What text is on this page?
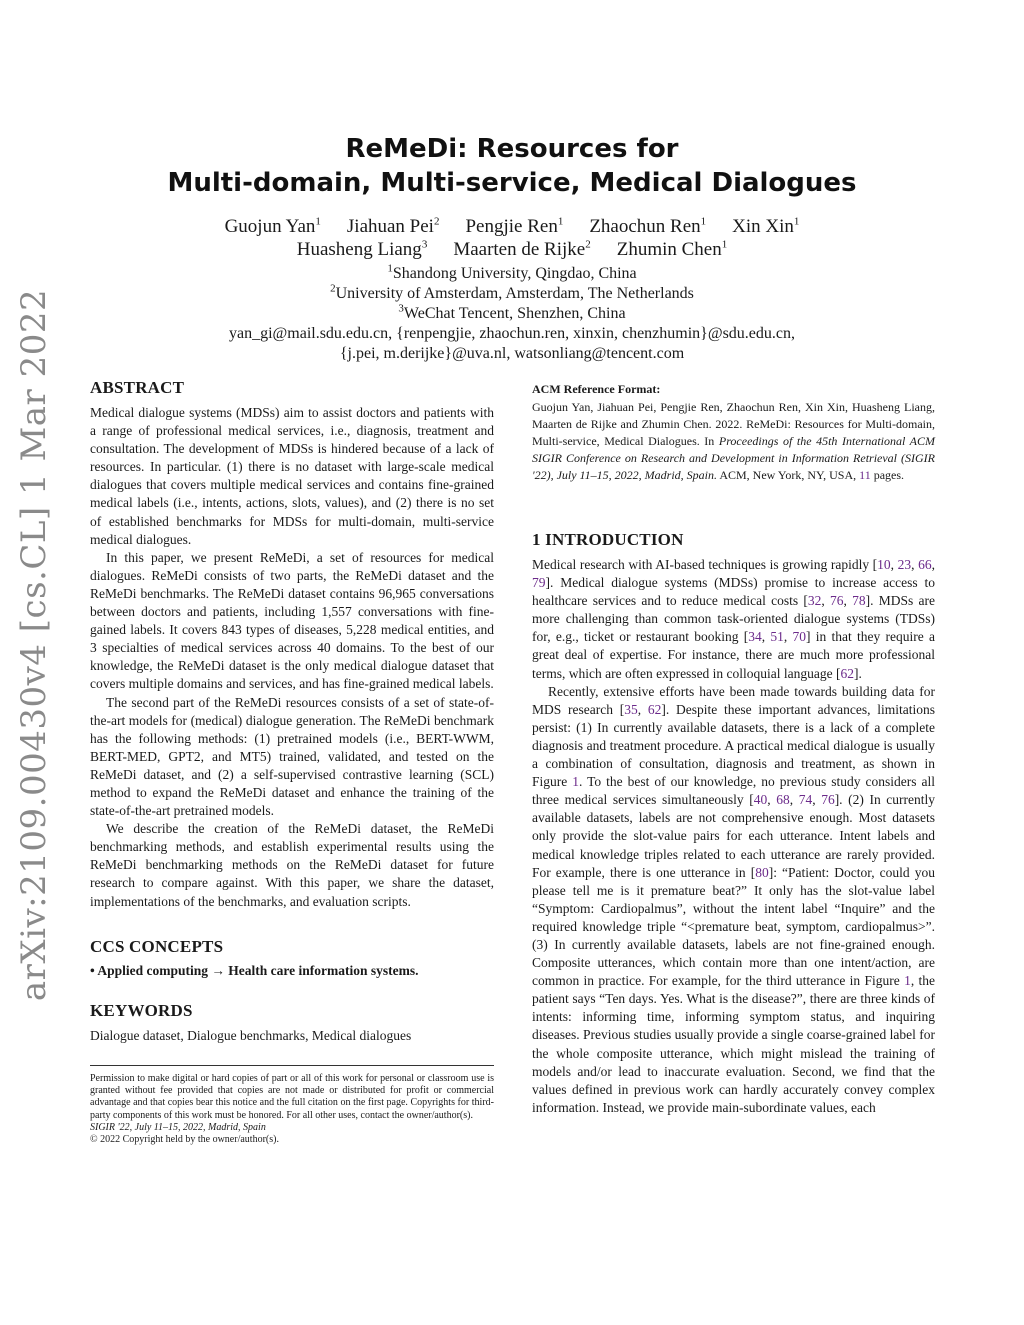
arXiv:2109.00430v4 [cs.CL] 1 Mar 2022
ReMeDi: Resources for
Multi-domain, Multi-service, Medical Dialogues
Guojun Yan$^1$ Jiahuan Pei$^2$ Pengjie Ren$^1$ Zhaochun Ren$^1$ Xin Xin$^1$
Huasheng Liang$^3$ Maarten de Rijke$^2$ Zhumin Chen$^1$
$^1$Shandong University, Qingdao, China
$^2$University of Amsterdam, Amsterdam, The Netherlands
$^3$WeChat Tencent, Shenzhen, China
yan_gi@mail.sdu.edu.cn, {renpengjie, zhaochun.ren, xinxin, chenzhumin}@sdu.edu.cn,
{j.pei, m.derijke}@uva.nl, watsonliang@tencent.com
ABSTRACT

Medical dialogue systems (MDSs) aim to assist doctors and patients with a range of professional medical services, i.e., diagnosis, treatment and consultation. The development of MDSs is hindered because of a lack of resources. In particular. (1) there is no dataset with large-scale medical dialogues that covers multiple medical services and contains fine-grained medical labels (i.e., intents, actions, slots, values), and (2) there is no set of established benchmarks for MDSs for multi-domain, multi-service medical dialogues.

In this paper, we present ReMeDi, a set of resources for medical dialogues. ReMeDi consists of two parts, the ReMeDi dataset and the ReMeDi benchmarks. The ReMeDi dataset contains 96,965 conversations between doctors and patients, including 1,557 conversations with fine-gained labels. It covers 843 types of diseases, 5,228 medical entities, and 3 specialties of medical services across 40 domains. To the best of our knowledge, the ReMeDi dataset is the only medical dialogue dataset that covers multiple domains and services, and has fine-grained medical labels.

The second part of the ReMeDi resources consists of a set of state-of-the-art models for (medical) dialogue generation. The ReMeDi benchmark has the following methods: (1) pretrained models (i.e., BERT-WWM, BERT-MED, GPT2, and MT5) trained, validated, and tested on the ReMeDi dataset, and (2) a self-supervised contrastive learning (SCL) method to expand the ReMeDi dataset and enhance the training of the state-of-the-art pretrained models.

We describe the creation of the ReMeDi dataset, the ReMeDi benchmarking methods, and establish experimental results using the ReMeDi benchmarking methods on the ReMeDi dataset for future research to compare against. With this paper, we share the dataset, implementations of the benchmarks, and evaluation scripts.

CCS CONCEPTS
• Applied computing → Health care information systems.
KEYWORDS

Dialogue dataset, Dialogue benchmarks, Medical dialogues

Permission to make digital or hard copies of part or all of this work for personal or classroom use is granted without fee provided that copies are not made or distributed for profit or commercial advantage and that copies bear this notice and the full citation on the first page. Copyrights for third-party components of this work must be honored. For all other uses, contact the owner/author(s).
SIGIR '22, July 11–15, 2022, Madrid, Spain
© 2022 Copyright held by the owner/author(s).
ACM Reference Format:
Guojun Yan, Jiahuan Pei, Pengjie Ren, Zhaochun Ren, Xin Xin, Huasheng Liang, Maarten de Rijke and Zhumin Chen. 2022. ReMeDi: Resources for Multi-domain, Multi-service, Medical Dialogues. In Proceedings of the 45th International ACM SIGIR Conference on Research and Development in Information Retrieval (SIGIR '22), July 11–15, 2022, Madrid, Spain. ACM, New York, NY, USA, 11 pages.
1 INTRODUCTION

Medical research with AI-based techniques is growing rapidly [10, 23, 66, 79]. Medical dialogue systems (MDSs) promise to increase access to healthcare services and to reduce medical costs [32, 76, 78]. MDSs are more challenging than common task-oriented dialogue systems (TDSs) for, e.g., ticket or restaurant booking [34, 51, 70] in that they require a great deal of expertise. For instance, there are much more professional terms, which are often expressed in colloquial language [62].

Recently, extensive efforts have been made towards building data for MDS research [35, 62]. Despite these important advances, limitations persist: (1) In currently available datasets, there is a lack of a complete diagnosis and treatment procedure. A practical medical dialogue is usually a combination of consultation, diagnosis and treatment, as shown in Figure 1. To the best of our knowledge, no previous study considers all three medical services simultaneously [40, 68, 74, 76]. (2) In currently available datasets, labels are not comprehensive enough. Most datasets only provide the slot-value pairs for each utterance. Intent labels and medical knowledge triples related to each utterance are rarely provided. For example, there is one utterance in [80]: “Patient: Doctor, could you please tell me is it premature beat?” It only has the slot-value label “Symptom: Cardiopalmus”, without the intent label “Inquire” and the required knowledge triple “<premature beat, symptom, cardiopalmus>”. (3) In currently available datasets, labels are not fine-grained enough. Composite utterances, which contain more than one intent/action, are common in practice. For example, for the third utterance in Figure 1, the patient says “Ten days. Yes. What is the disease?”, there are three kinds of intents: informing time, informing symptom status, and inquiring diseases. Previous studies usually provide a single coarse-grained label for the whole composite utterance, which might mislead the training of models and/or lead to inaccurate evaluation. Second, we find that the values defined in previous work can hardly accurately convey complex information. Instead, we provide main-subordinate values, each
